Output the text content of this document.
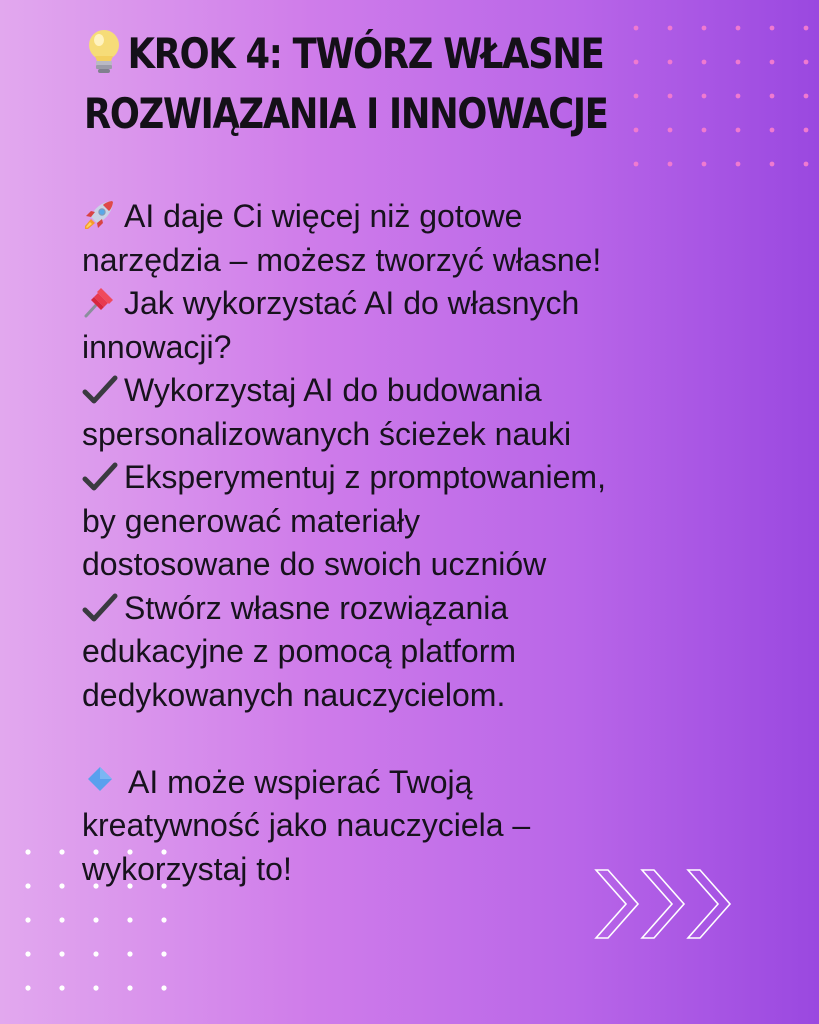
KROK 4: TWÓRZ WŁASNE
ROZWIĄZANIA I INNOWACJE
AI daje Ci więcej niż gotowe
narzędzia – możesz tworzyć własne!
Jak wykorzystać AI do własnych
innowacji?
Wykorzystaj AI do budowania
spersonalizowanych ścieżek nauki
Eksperymentuj z promptowaniem,
by generować materiały
dostosowane do swoich uczniów
Stwórz własne rozwiązania
edukacyjne z pomocą platform
dedykowanych nauczycielom.
AI może wspierać Twoją
kreatywność jako nauczyciela –
wykorzystaj to!
